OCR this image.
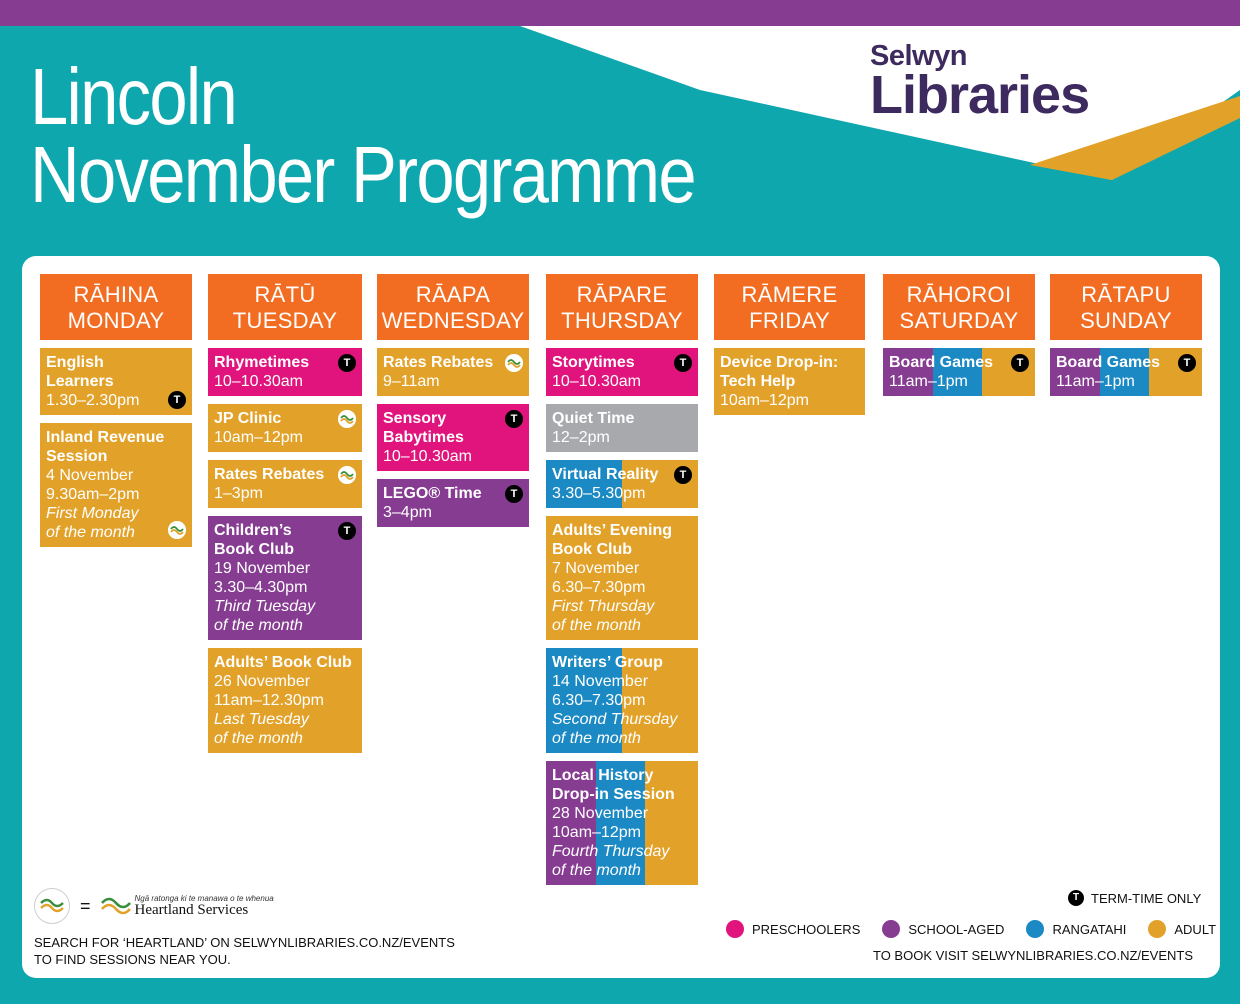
Lincoln
November Programme
Selwyn
Libraries
RĀHINA
MONDAY
English Learners
1.30–2.30pm	T
Inland Revenue Session
4 November
9.30am–2pm
First Monday
of the month
RĀTŪ
TUESDAY
Rhymetimes
10–10.30am
T
JP Clinic
10am–12pm
Rates Rebates
1–3pm
Children’s Book Club
19 November
3.30–4.30pm
Third Tuesday
of the month
T
Adults’ Book Club
26 November
11am–12.30pm
Last Tuesday
of the month
RĀAPA
WEDNESDAY
Rates Rebates
9–11am
Sensory Babytimes
10–10.30am
T
LEGO® Time
3–4pm
T
RĀPARE
THURSDAY
Storytimes
10–10.30am
T
Quiet Time
12–2pm
Virtual Reality
3.30–5.30pm
T
Adults’ Evening Book Club
7 November
6.30–7.30pm
First Thursday
of the month
Writers’ Group
14 November
6.30–7.30pm
Second Thursday
of the month
Local History Drop-in Session
28 November
10am–12pm
Fourth Thursday
of the month
RĀMERE
FRIDAY
Device Drop-in: Tech Help
10am–12pm
RĀHOROI
SATURDAY
Board Games
11am–1pm
T
RĀTAPU
SUNDAY
Board Games
11am–1pm
T
=	Ngā ratonga ki te manawa o te whenua
Heartland Services
SEARCH FOR ‘HEARTLAND’ ON SELWYNLIBRARIES.CO.NZ/EVENTS
TO FIND SESSIONS NEAR YOU.
T TERM-TIME ONLY
PRESCHOOLERS	SCHOOL-AGED	RANGATAHI	ADULT
TO BOOK VISIT SELWYNLIBRARIES.CO.NZ/EVENTS
